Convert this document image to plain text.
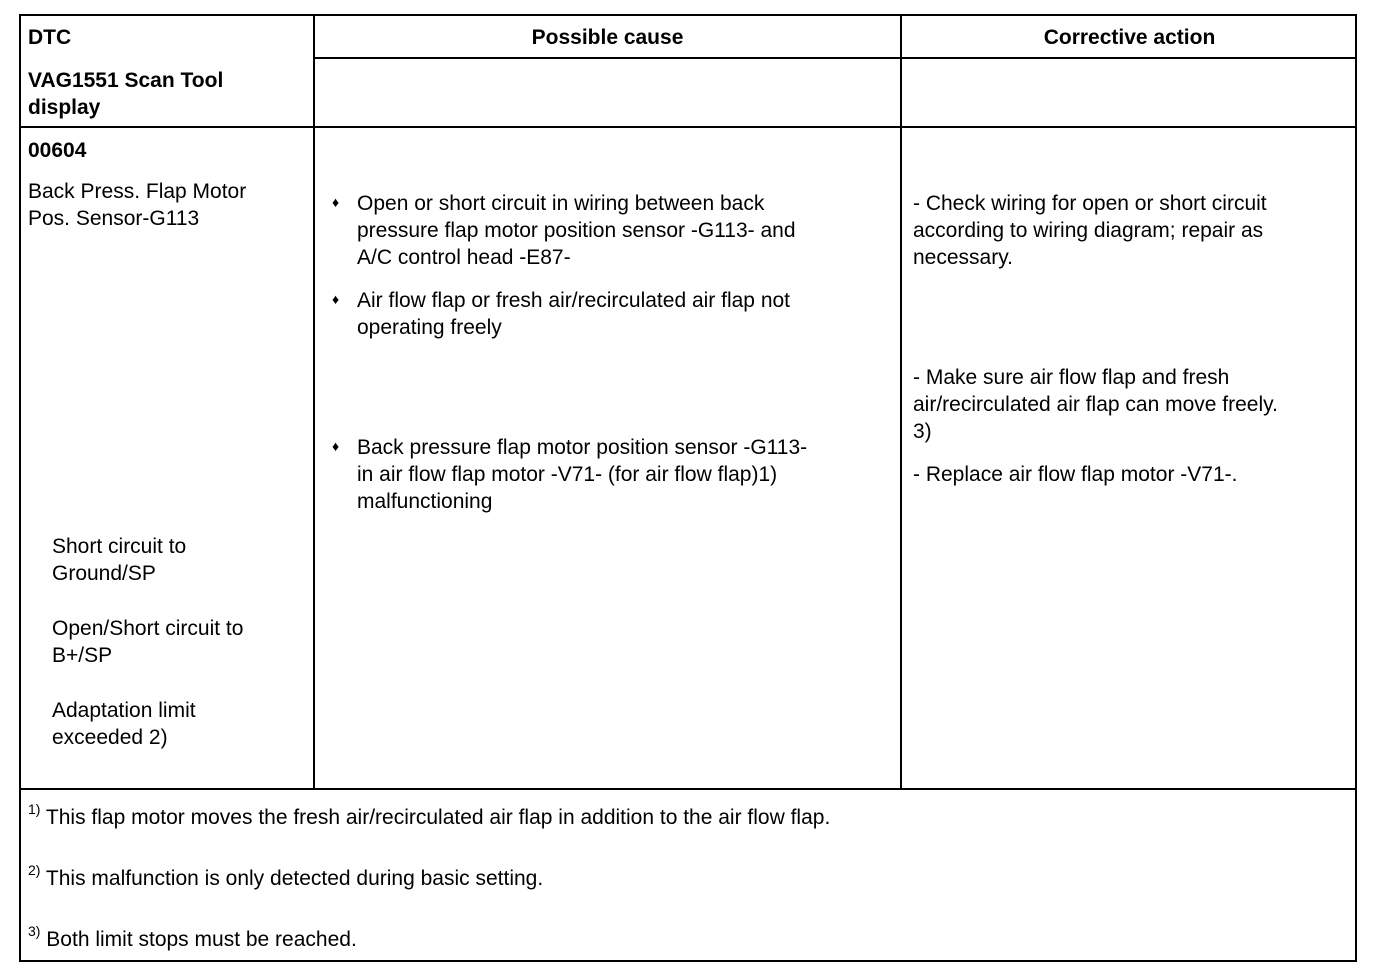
DTC	Possible cause	Corrective action
VAG1551 Scan Tool
display
00604
Back Press. Flap Motor
Pos. Sensor-G113
Short circuit to
Ground/SP
Open/Short circuit to
B+/SP
Adaptation limit
exceeded 2)
♦ Open or short circuit in wiring between back
pressure flap motor position sensor -G113- and
A/C control head -E87-
♦ Air flow flap or fresh air/recirculated air flap not
operating freely
♦ Back pressure flap motor position sensor -G113-
in air flow flap motor -V71- (for air flow flap)1)
malfunctioning
- Check wiring for open or short circuit
according to wiring diagram; repair as
necessary.
- Make sure air flow flap and fresh
air/recirculated air flap can move freely.
3)
- Replace air flow flap motor -V71-.
$^{1)}$ This flap motor moves the fresh air/recirculated air flap in addition to the air flow flap.
$^{2)}$ This malfunction is only detected during basic setting.
$^{3)}$ Both limit stops must be reached.
